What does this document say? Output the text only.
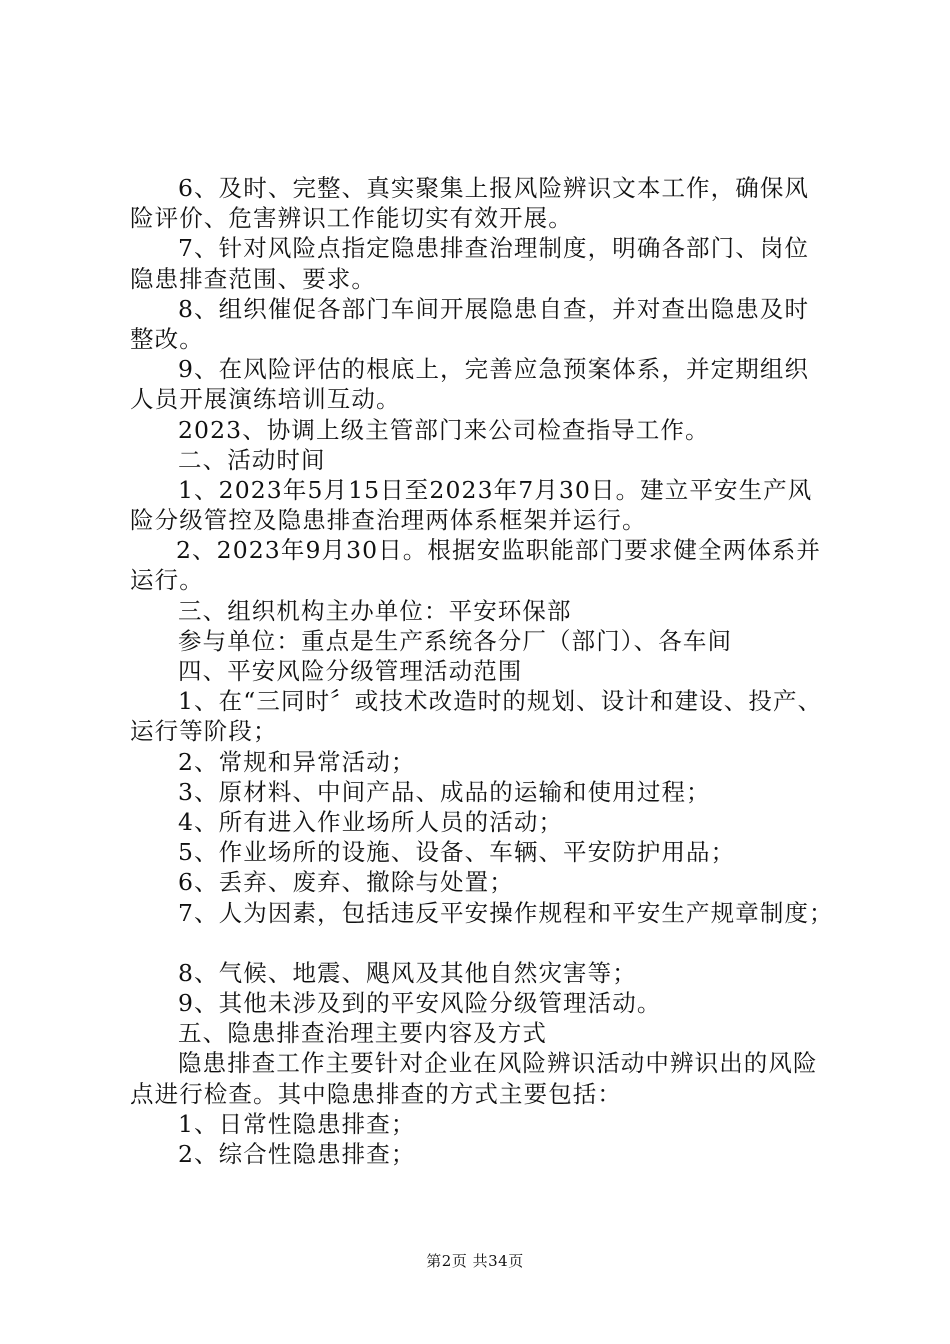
6、及时、完整、真实聚集上报风险辨识文本工作，确保风
险评价、危害辨识工作能切实有效开展。
7、针对风险点指定隐患排查治理制度，明确各部门、岗位
隐患排查范围、要求。
8、组织催促各部门车间开展隐患自查，并对查出隐患及时
整改。
9、在风险评估的根底上，完善应急预案体系，并定期组织
人员开展演练培训互动。
2023、协调上级主管部门来公司检查指导工作。
二、活动时间
1、2023年5月15日至2023年7月30日。建立平安生产风
险分级管控及隐患排查治理两体系框架并运行。
2、2023年9月30日。根据安监职能部门要求健全两体系并
运行。
三、组织机构主办单位：平安环保部
参与单位：重点是生产系统各分厂（部门）、各车间
四、平安风险分级管理活动范围
1、在“三同时〞或技术改造时的规划、设计和建设、投产、
运行等阶段；
2、常规和异常活动；
3、原材料、中间产品、成品的运输和使用过程；
4、所有进入作业场所人员的活动；
5、作业场所的设施、设备、车辆、平安防护用品；
6、丢弃、废弃、撤除与处置；
7、人为因素，包括违反平安操作规程和平安生产规章制度；
8、气候、地震、飓风及其他自然灾害等；
9、其他未涉及到的平安风险分级管理活动。
五、隐患排查治理主要内容及方式
隐患排查工作主要针对企业在风险辨识活动中辨识出的风险
点进行检查。其中隐患排查的方式主要包括：
1、日常性隐患排查；
2、综合性隐患排查；
第2页 共34页
